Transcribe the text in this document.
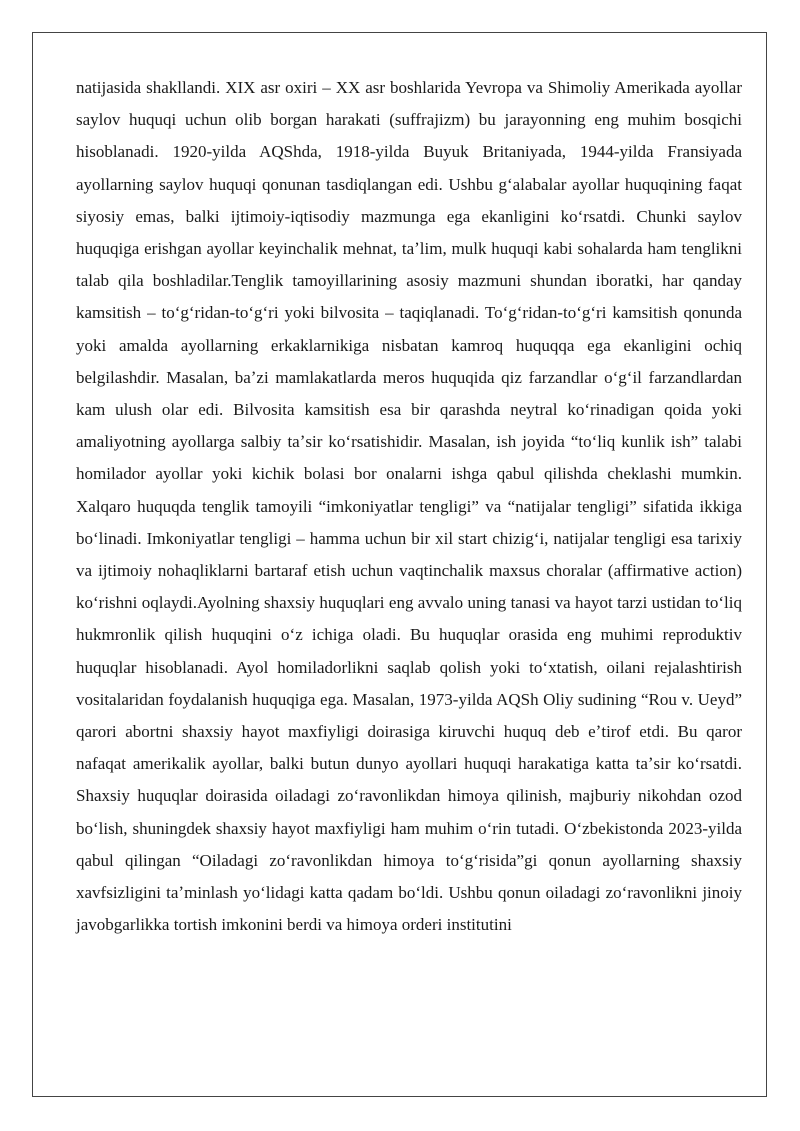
natijasida shakllandi. XIX asr oxiri – XX asr boshlarida Yevropa va Shimoliy Amerikada ayollar saylov huquqi uchun olib borgan harakati (suffrajizm) bu jarayonning eng muhim bosqichi hisoblanadi. 1920-yilda AQShda, 1918-yilda Buyuk Britaniyada, 1944-yilda Fransiyada ayollarning saylov huquqi qonunan tasdiqlangan edi. Ushbu gʻalabalar ayollar huquqining faqat siyosiy emas, balki ijtimoiy-iqtisodiy mazmunga ega ekanligini koʻrsatdi. Chunki saylov huquqiga erishgan ayollar keyinchalik mehnat, taʼlim, mulk huquqi kabi sohalarda ham tenglikni talab qila boshladilar.Tenglik tamoyillarining asosiy mazmuni shundan iboratki, har qanday kamsitish – toʻgʻridan-toʻgʻri yoki bilvosita – taqiqlanadi. Toʻgʻridan-toʻgʻri kamsitish qonunda yoki amalda ayollarning erkaklarnikiga nisbatan kamroq huquqqa ega ekanligini ochiq belgilashdir. Masalan, baʼzi mamlakatlarda meros huquqida qiz farzandlar oʻgʻil farzandlardan kam ulush olar edi. Bilvosita kamsitish esa bir qarashda neytral koʻrinadigan qoida yoki amaliyotning ayollarga salbiy taʼsir koʻrsatishidir. Masalan, ish joyida “toʻliq kunlik ish” talabi homilador ayollar yoki kichik bolasi bor onalarni ishga qabul qilishda cheklashi mumkin. Xalqaro huquqda tenglik tamoyili “imkoniyatlar tengligi” va “natijalar tengligi” sifatida ikkiga boʻlinadi. Imkoniyatlar tengligi – hamma uchun bir xil start chizigʻi, natijalar tengligi esa tarixiy va ijtimoiy nohaqliklarni bartaraf etish uchun vaqtinchalik maxsus choralar (affirmative action) koʻrishni oqlaydi.Ayolning shaxsiy huquqlari eng avvalo uning tanasi va hayot tarzi ustidan toʻliq hukmronlik qilish huquqini oʻz ichiga oladi. Bu huquqlar orasida eng muhimi reproduktiv huquqlar hisoblanadi. Ayol homiladorlikni saqlab qolish yoki toʻxtatish, oilani rejalashtirish vositalaridan foydalanish huquqiga ega. Masalan, 1973-yilda AQSh Oliy sudining “Rou v. Ueyd” qarori abortni shaxsiy hayot maxfiyligi doirasiga kiruvchi huquq deb eʼtirof etdi. Bu qaror nafaqat amerikalik ayollar, balki butun dunyo ayollari huquqi harakatiga katta taʼsir koʻrsatdi. Shaxsiy huquqlar doirasida oiladagi zoʻravonlikdan himoya qilinish, majburiy nikohdan ozod boʻlish, shuningdek shaxsiy hayot maxfiyligi ham muhim oʻrin tutadi. Oʻzbekistonda 2023-yilda qabul qilingan “Oiladagi zoʻravonlikdan himoya toʻgʻrisida”gi qonun ayollarning shaxsiy xavfsizligini taʼminlash yoʻlidagi katta qadam boʻldi. Ushbu qonun oiladagi zoʻravonlikni jinoiy javobgarlikka tortish imkonini berdi va himoya orderi institutini
